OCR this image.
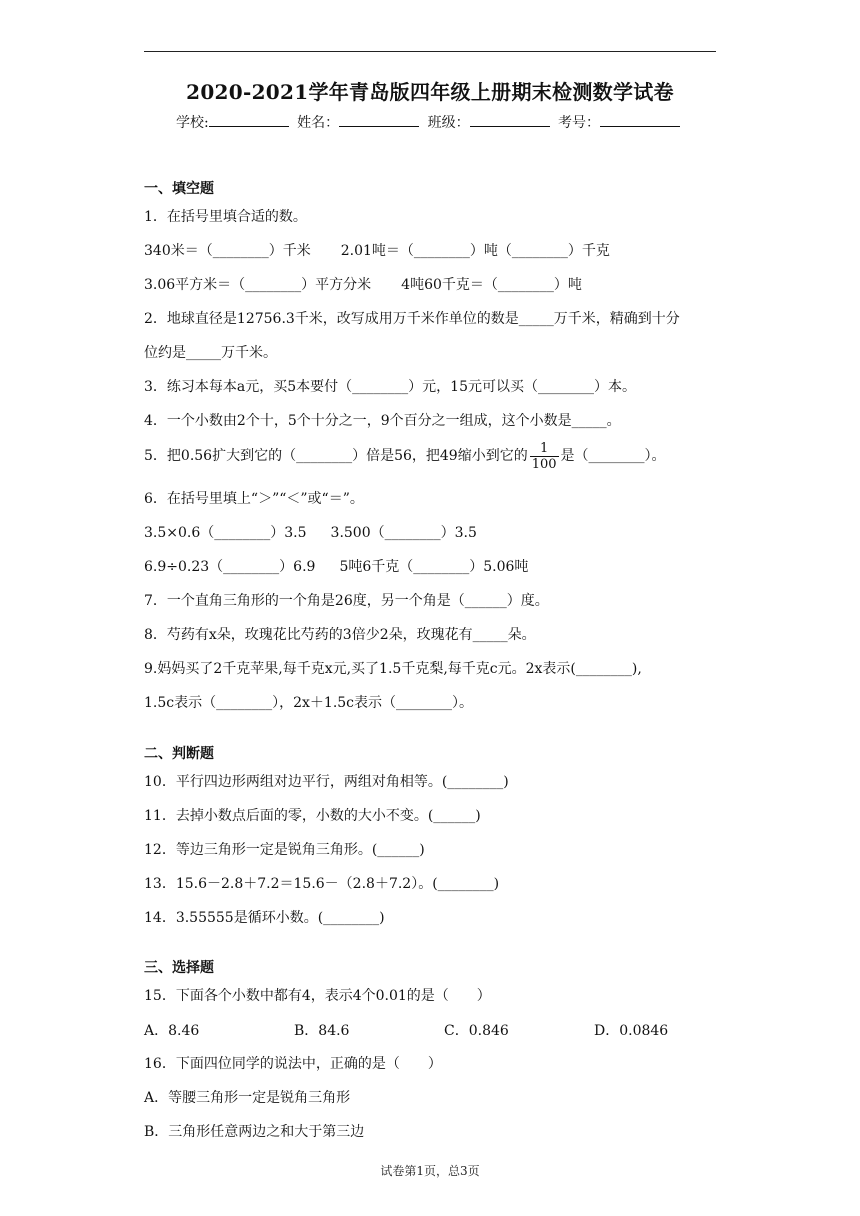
2020-2021学年青岛版四年级上册期末检测数学试卷
学校:	姓名：	班级：	考号：
一、填空题
1．在括号里填合适的数。
340米＝（________）千米 2.01吨＝（________）吨（________）千克
3.06平方米＝（________）平方分米 4吨60千克＝（________）吨
2．地球直径是12756.3千米，改写成用万千米作单位的数是_____万千米，精确到十分
位约是_____万千米。
3．练习本每本a元，买5本要付（________）元，15元可以买（________）本。
4．一个小数由2个十，5个十分之一，9个百分之一组成，这个小数是_____。
5．把0.56扩大到它的（________）倍是56，把49缩小到它的 $\frac{1}{100}$ 是（________）。
6．在括号里填上“＞”“＜”或“＝”。
3.5×0.6（________）3.5 3.500（________）3.5
6.9÷0.23（________）6.9 5吨6千克（________）5.06吨
7．一个直角三角形的一个角是26度，另一个角是（______）度。
8．芍药有x朵，玫瑰花比芍药的3倍少2朵，玫瑰花有_____朵。
9.妈妈买了2千克苹果,每千克x元,买了1.5千克梨,每千克c元。2x表示(________),
1.5c表示（________），2x＋1.5c表示（________）。
二、判断题
10．平行四边形两组对边平行，两组对角相等。(________)
11．去掉小数点后面的零，小数的大小不变。(______)
12．等边三角形一定是锐角三角形。(______)
13．15.6－2.8＋7.2＝15.6－（2.8＋7.2）。(________)
14．3.55555是循环小数。(________)
三、选择题
15．下面各个小数中都有4，表示4个0.01的是（　　）
A．8.46	B．84.6	C．0.846	D．0.0846
16．下面四位同学的说法中，正确的是（　　）
A．等腰三角形一定是锐角三角形
B．三角形任意两边之和大于第三边
试卷第1页，总3页
